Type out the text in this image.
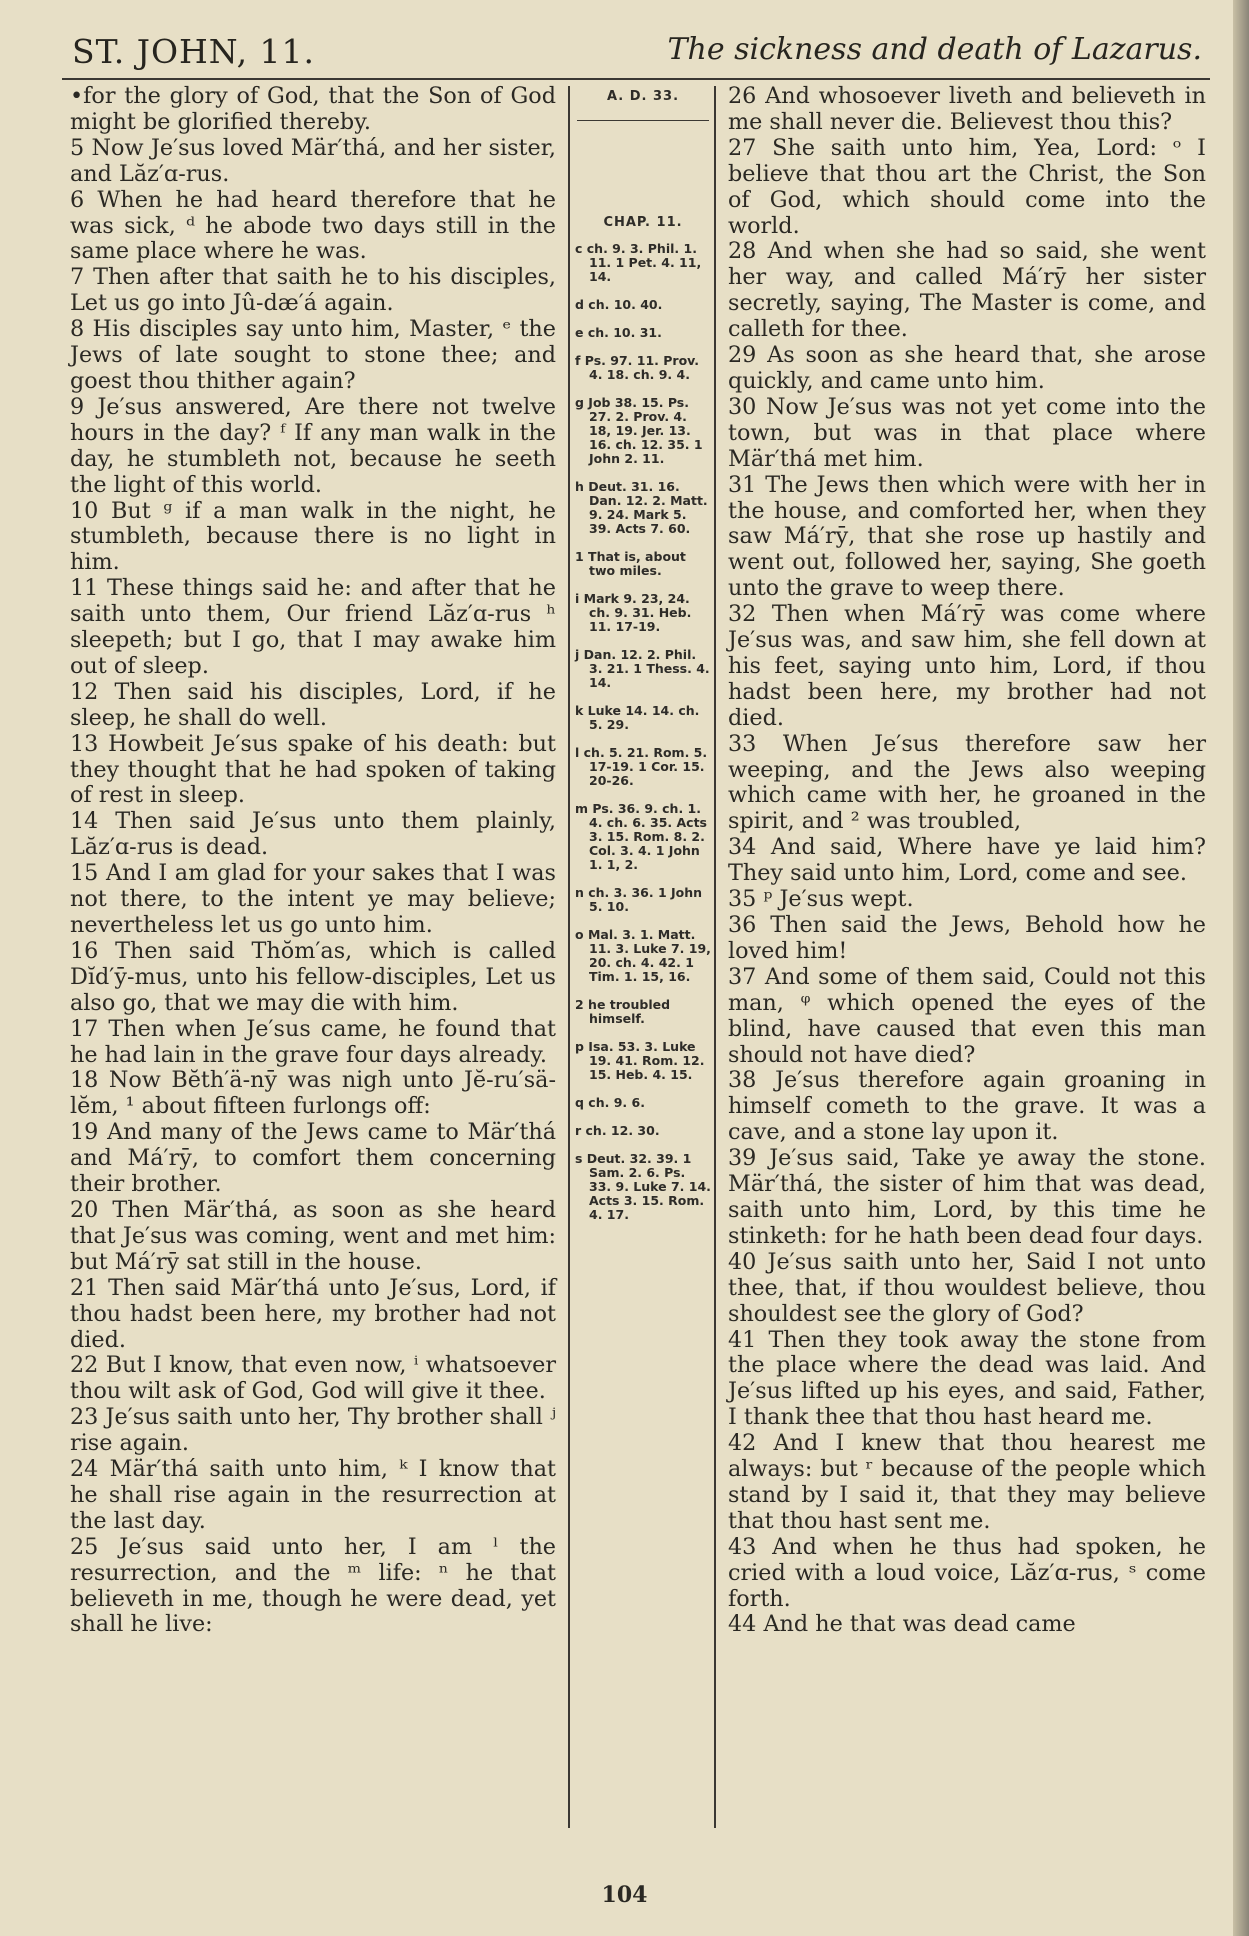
ST. JOHN, 11.	The sickness and death of Lazarus.

•for the glory of God, that the Son of God might be glorified thereby.

5 Now Je′sus loved Mär′thá, and her sister, and Lăz′ɑ-rus.

6 When he had heard therefore that he was sick, ᵈ he abode two days still in the same place where he was.

7 Then after that saith he to his disciples, Let us go into Jû-dæ′á again.

8 His disciples say unto him, Master, ᵉ the Jews of late sought to stone thee; and goest thou thither again?

9 Je′sus answered, Are there not twelve hours in the day? ᶠ If any man walk in the day, he stumbleth not, because he seeth the light of this world.

10 But ᵍ if a man walk in the night, he stumbleth, because there is no light in him.

11 These things said he: and after that he saith unto them, Our friend Lăz′ɑ-rus ʰ sleepeth; but I go, that I may awake him out of sleep.

12 Then said his disciples, Lord, if he sleep, he shall do well.

13 Howbeit Je′sus spake of his death: but they thought that he had spoken of taking of rest in sleep.

14 Then said Je′sus unto them plainly, Lăz′ɑ-rus is dead.

15 And I am glad for your sakes that I was not there, to the intent ye may believe; nevertheless let us go unto him.

16 Then said Thŏm′as, which is called Dĭd′ȳ-mus, unto his fellow-disciples, Let us also go, that we may die with him.

17 Then when Je′sus came, he found that he had lain in the grave four days already.

18 Now Bĕth′ä-nȳ was nigh unto Jĕ-ru′sä-lĕm, ¹ about fifteen furlongs off:

19 And many of the Jews came to Mär′thá and Má′rȳ, to comfort them concerning their brother.

20 Then Mär′thá, as soon as she heard that Je′sus was coming, went and met him: but Má′rȳ sat still in the house.

21 Then said Mär′thá unto Je′sus, Lord, if thou hadst been here, my brother had not died.

22 But I know, that even now, ⁱ whatsoever thou wilt ask of God, God will give it thee.

23 Je′sus saith unto her, Thy brother shall ʲ rise again.

24 Mär′thá saith unto him, ᵏ I know that he shall rise again in the resurrection at the last day.

25 Je′sus said unto her, I am ˡ the resurrection, and the ᵐ life: ⁿ he that believeth in me, though he were dead, yet shall he live:

A. D. 33.
CHAP. 11.

c ch. 9. 3. Phil. 1. 11. 1 Pet. 4. 11, 14.

d ch. 10. 40.

e ch. 10. 31.

f Ps. 97. 11. Prov. 4. 18. ch. 9. 4.

g Job 38. 15. Ps. 27. 2. Prov. 4. 18, 19. Jer. 13. 16. ch. 12. 35. 1 John 2. 11.

h Deut. 31. 16. Dan. 12. 2. Matt. 9. 24. Mark 5. 39. Acts 7. 60.

1 That is, about two miles.

i Mark 9. 23, 24. ch. 9. 31. Heb. 11. 17-19.

j Dan. 12. 2. Phil. 3. 21. 1 Thess. 4. 14.

k Luke 14. 14. ch. 5. 29.

l ch. 5. 21. Rom. 5. 17-19. 1 Cor. 15. 20-26.

m Ps. 36. 9. ch. 1. 4. ch. 6. 35. Acts 3. 15. Rom. 8. 2. Col. 3. 4. 1 John 1. 1, 2.

n ch. 3. 36. 1 John 5. 10.

o Mal. 3. 1. Matt. 11. 3. Luke 7. 19, 20. ch. 4. 42. 1 Tim. 1. 15, 16.

2 he troubled himself.

p Isa. 53. 3. Luke 19. 41. Rom. 12. 15. Heb. 4. 15.

q ch. 9. 6.

r ch. 12. 30.

s Deut. 32. 39. 1 Sam. 2. 6. Ps. 33. 9. Luke 7. 14. Acts 3. 15. Rom. 4. 17.

26 And whosoever liveth and believeth in me shall never die. Believest thou this?

27 She saith unto him, Yea, Lord: ᵒ I believe that thou art the Christ, the Son of God, which should come into the world.

28 And when she had so said, she went her way, and called Má′rȳ her sister secretly, saying, The Master is come, and calleth for thee.

29 As soon as she heard that, she arose quickly, and came unto him.

30 Now Je′sus was not yet come into the town, but was in that place where Mär′thá met him.

31 The Jews then which were with her in the house, and comforted her, when they saw Má′rȳ, that she rose up hastily and went out, followed her, saying, She goeth unto the grave to weep there.

32 Then when Má′rȳ was come where Je′sus was, and saw him, she fell down at his feet, saying unto him, Lord, if thou hadst been here, my brother had not died.

33 When Je′sus therefore saw her weeping, and the Jews also weeping which came with her, he groaned in the spirit, and ² was troubled,

34 And said, Where have ye laid him? They said unto him, Lord, come and see.

35 ᵖ Je′sus wept.

36 Then said the Jews, Behold how he loved him!

37 And some of them said, Could not this man, ᵠ which opened the eyes of the blind, have caused that even this man should not have died?

38 Je′sus therefore again groaning in himself cometh to the grave. It was a cave, and a stone lay upon it.

39 Je′sus said, Take ye away the stone. Mär′thá, the sister of him that was dead, saith unto him, Lord, by this time he stinketh: for he hath been dead four days.

40 Je′sus saith unto her, Said I not unto thee, that, if thou wouldest believe, thou shouldest see the glory of God?

41 Then they took away the stone from the place where the dead was laid. And Je′sus lifted up his eyes, and said, Father, I thank thee that thou hast heard me.

42 And I knew that thou hearest me always: but ʳ because of the people which stand by I said it, that they may believe that thou hast sent me.

43 And when he thus had spoken, he cried with a loud voice, Lăz′ɑ-rus, ˢ come forth.

44 And he that was dead came

104
